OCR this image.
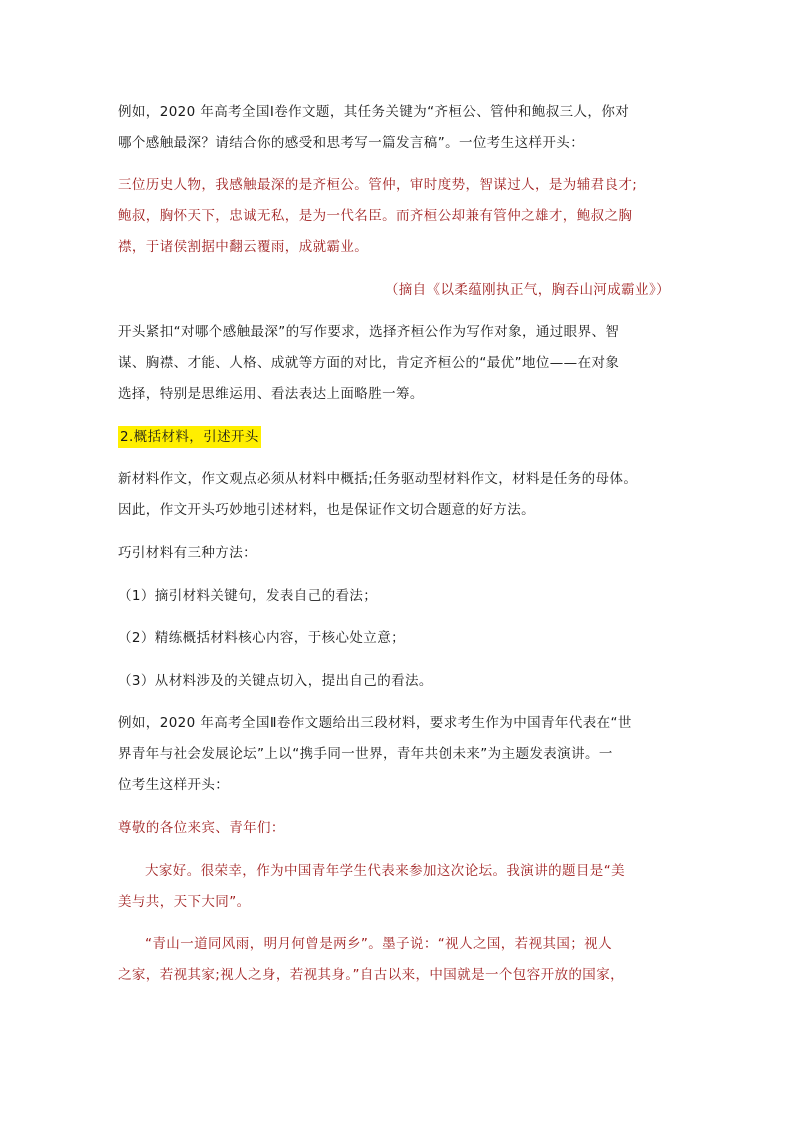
例如，2020 年高考全国Ⅰ卷作文题，其任务关键为“齐桓公、管仲和鲍叔三人，你对

哪个感触最深？请结合你的感受和思考写一篇发言稿”。一位考生这样开头：

三位历史人物，我感触最深的是齐桓公。管仲，审时度势，智谋过人，是为辅君良才;

鲍叔，胸怀天下，忠诚无私，是为一代名臣。而齐桓公却兼有管仲之雄才，鲍叔之胸

襟，于诸侯割据中翻云覆雨，成就霸业。

（摘自《以柔蕴刚执正气，胸吞山河成霸业》）

开头紧扣“对哪个感触最深”的写作要求，选择齐桓公作为写作对象，通过眼界、智

谋、胸襟、才能、人格、成就等方面的对比，肯定齐桓公的“最优”地位——在对象

选择，特别是思维运用、看法表达上面略胜一筹。

2.概括材料，引述开头

新材料作文，作文观点必须从材料中概括;任务驱动型材料作文，材料是任务的母体。

因此，作文开头巧妙地引述材料，也是保证作文切合题意的好方法。

巧引材料有三种方法：

（1）摘引材料关键句，发表自己的看法；

（2）精练概括材料核心内容，于核心处立意；

（3）从材料涉及的关键点切入，提出自己的看法。

例如，2020 年高考全国Ⅱ卷作文题给出三段材料，要求考生作为中国青年代表在“世

界青年与社会发展论坛”上以“携手同一世界，青年共创未来”为主题发表演讲。一

位考生这样开头：

尊敬的各位来宾、青年们：

大家好。很荣幸，作为中国青年学生代表来参加这次论坛。我演讲的题目是“美

美与共，天下大同”。

“青山一道同风雨，明月何曾是两乡”。墨子说：“视人之国，若视其国；视人

之家，若视其家;视人之身，若视其身。”自古以来，中国就是一个包容开放的国家，
